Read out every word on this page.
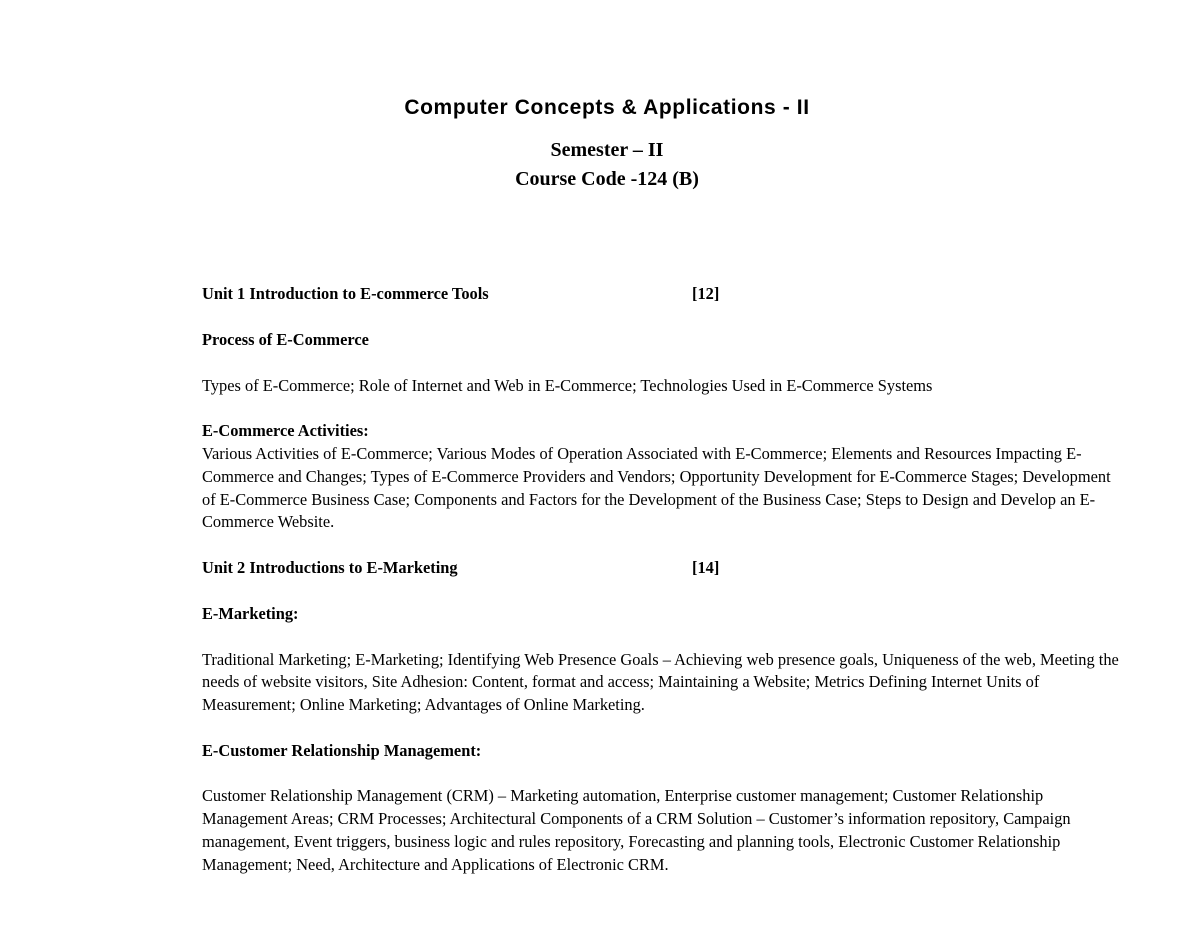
Computer Concepts & Applications - II
Semester – II
Course Code -124 (B)
Unit 1 Introduction to E-commerce Tools	[12]

Process of E-Commerce

Types of E-Commerce; Role of Internet and Web in E-Commerce; Technologies Used in E-Commerce Systems

E-Commerce Activities:

Various Activities of E-Commerce; Various Modes of Operation Associated with E-Commerce; Elements and Resources Impacting E-Commerce and Changes; Types of E-Commerce Providers and Vendors; Opportunity Development for E-Commerce Stages; Development of E-Commerce Business Case; Components and Factors for the Development of the Business Case; Steps to Design and Develop an E-Commerce Website.

Unit 2 Introductions to E-Marketing	[14]

E-Marketing:

Traditional Marketing; E-Marketing; Identifying Web Presence Goals – Achieving web presence goals, Uniqueness of the web, Meeting the needs of website visitors, Site Adhesion: Content, format and access; Maintaining a Website; Metrics Defining Internet Units of Measurement; Online Marketing; Advantages of Online Marketing.

E-Customer Relationship Management:

Customer Relationship Management (CRM) – Marketing automation, Enterprise customer management; Customer Relationship Management Areas; CRM Processes; Architectural Components of a CRM Solution – Customer’s information repository, Campaign management, Event triggers, business logic and rules repository, Forecasting and planning tools, Electronic Customer Relationship Management; Need, Architecture and Applications of Electronic CRM.
